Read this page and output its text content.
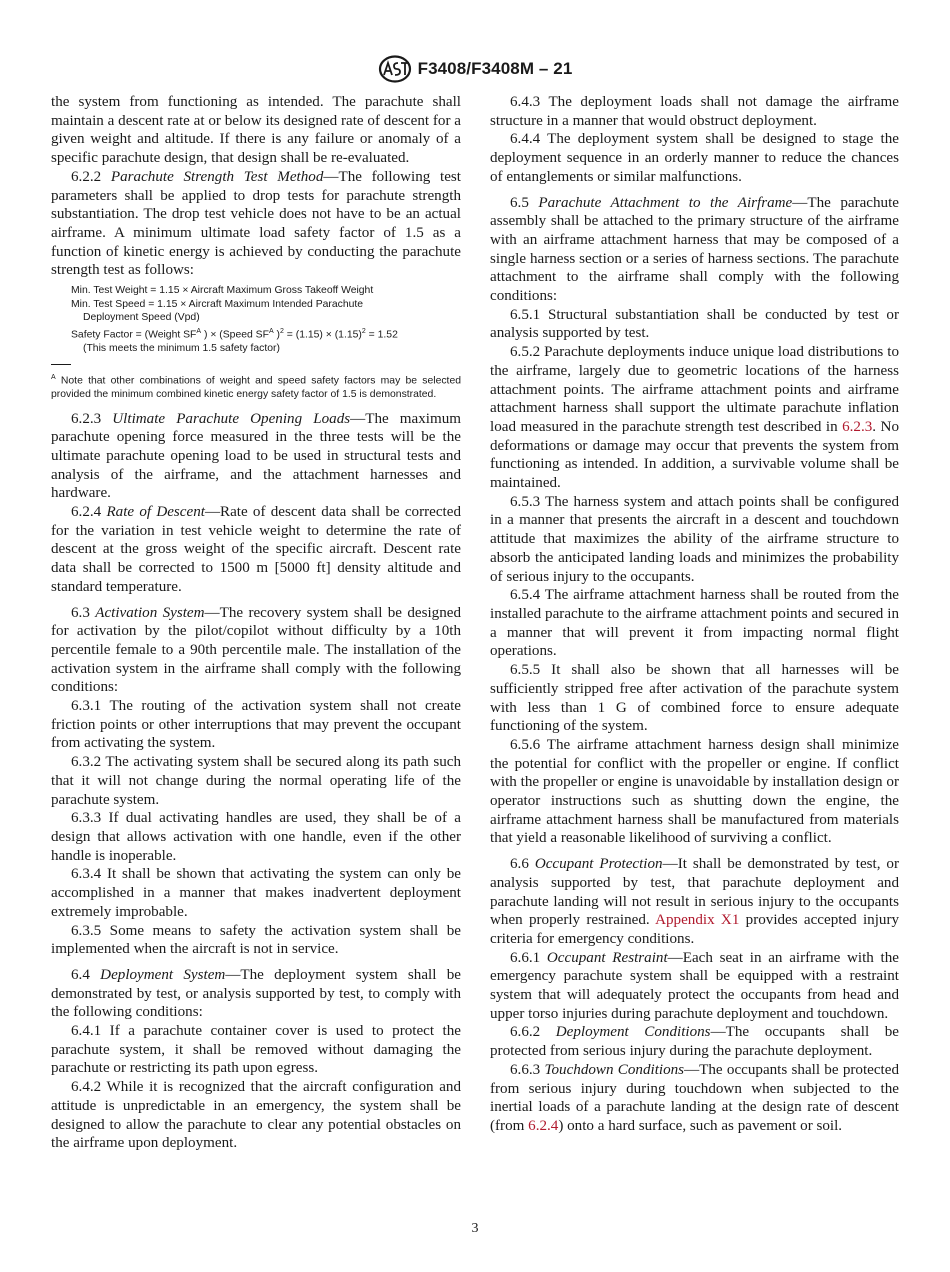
F3408/F3408M – 21

the system from functioning as intended. The parachute shall maintain a descent rate at or below its designed rate of descent for a given weight and altitude. If there is any failure or anomaly of a specific parachute design, that design shall be re-evaluated.

6.2.2 Parachute Strength Test Method—The following test parameters shall be applied to drop tests for parachute strength substantiation. The drop test vehicle does not have to be an actual airframe. A minimum ultimate load safety factor of 1.5 as a function of kinetic energy is achieved by conducting the parachute strength test as follows:

Min. Test Weight = 1.15 × Aircraft Maximum Gross Takeoff Weight
Min. Test Speed = 1.15 × Aircraft Maximum Intended Parachute
Deployment Speed (Vpd)
Safety Factor = (Weight $SF^A$ ) × (Speed $SF^A$ )$^2 = (1.15) \times (1.15)^2 = 1.52$
(This meets the minimum 1.5 safety factor)
$^A$ Note that other combinations of weight and speed safety factors may be selected provided the minimum combined kinetic energy safety factor of 1.5 is demonstrated.

6.2.3 Ultimate Parachute Opening Loads—The maximum parachute opening force measured in the three tests will be the ultimate parachute opening load to be used in structural tests and analysis of the airframe, and the attachment harnesses and hardware.

6.2.4 Rate of Descent—Rate of descent data shall be corrected for the variation in test vehicle weight to determine the rate of descent at the gross weight of the specific aircraft. Descent rate data shall be corrected to 1500 m [5000 ft] density altitude and standard temperature.

6.3 Activation System—The recovery system shall be designed for activation by the pilot/copilot without difficulty by a 10th percentile female to a 90th percentile male. The installation of the activation system in the airframe shall comply with the following conditions:

6.3.1 The routing of the activation system shall not create friction points or other interruptions that may prevent the occupant from activating the system.

6.3.2 The activating system shall be secured along its path such that it will not change during the normal operating life of the parachute system.

6.3.3 If dual activating handles are used, they shall be of a design that allows activation with one handle, even if the other handle is inoperable.

6.3.4 It shall be shown that activating the system can only be accomplished in a manner that makes inadvertent deployment extremely improbable.

6.3.5 Some means to safety the activation system shall be implemented when the aircraft is not in service.

6.4 Deployment System—The deployment system shall be demonstrated by test, or analysis supported by test, to comply with the following conditions:

6.4.1 If a parachute container cover is used to protect the parachute system, it shall be removed without damaging the parachute or restricting its path upon egress.

6.4.2 While it is recognized that the aircraft configuration and attitude is unpredictable in an emergency, the system shall be designed to allow the parachute to clear any potential obstacles on the airframe upon deployment.

6.4.3 The deployment loads shall not damage the airframe structure in a manner that would obstruct deployment.

6.4.4 The deployment system shall be designed to stage the deployment sequence in an orderly manner to reduce the chances of entanglements or similar malfunctions.

6.5 Parachute Attachment to the Airframe—The parachute assembly shall be attached to the primary structure of the airframe with an airframe attachment harness that may be composed of a single harness section or a series of harness sections. The parachute attachment to the airframe shall comply with the following conditions:

6.5.1 Structural substantiation shall be conducted by test or analysis supported by test.

6.5.2 Parachute deployments induce unique load distributions to the airframe, largely due to geometric locations of the harness attachment points. The airframe attachment points and airframe attachment harness shall support the ultimate parachute inflation load measured in the parachute strength test described in 6.2.3. No deformations or damage may occur that prevents the system from functioning as intended. In addition, a survivable volume shall be maintained.

6.5.3 The harness system and attach points shall be configured in a manner that presents the aircraft in a descent and touchdown attitude that maximizes the ability of the airframe structure to absorb the anticipated landing loads and minimizes the probability of serious injury to the occupants.

6.5.4 The airframe attachment harness shall be routed from the installed parachute to the airframe attachment points and secured in a manner that will prevent it from impacting normal flight operations.

6.5.5 It shall also be shown that all harnesses will be sufficiently stripped free after activation of the parachute system with less than 1 G of combined force to ensure adequate functioning of the system.

6.5.6 The airframe attachment harness design shall minimize the potential for conflict with the propeller or engine. If conflict with the propeller or engine is unavoidable by installation design or operator instructions such as shutting down the engine, the airframe attachment harness shall be manufactured from materials that yield a reasonable likelihood of surviving a conflict.

6.6 Occupant Protection—It shall be demonstrated by test, or analysis supported by test, that parachute deployment and parachute landing will not result in serious injury to the occupants when properly restrained. Appendix X1 provides accepted injury criteria for emergency conditions.

6.6.1 Occupant Restraint—Each seat in an airframe with the emergency parachute system shall be equipped with a restraint system that will adequately protect the occupants from head and upper torso injuries during parachute deployment and touchdown.

6.6.2 Deployment Conditions—The occupants shall be protected from serious injury during the parachute deployment.

6.6.3 Touchdown Conditions—The occupants shall be protected from serious injury during touchdown when subjected to the inertial loads of a parachute landing at the design rate of descent (from 6.2.4) onto a hard surface, such as pavement or soil.

3
